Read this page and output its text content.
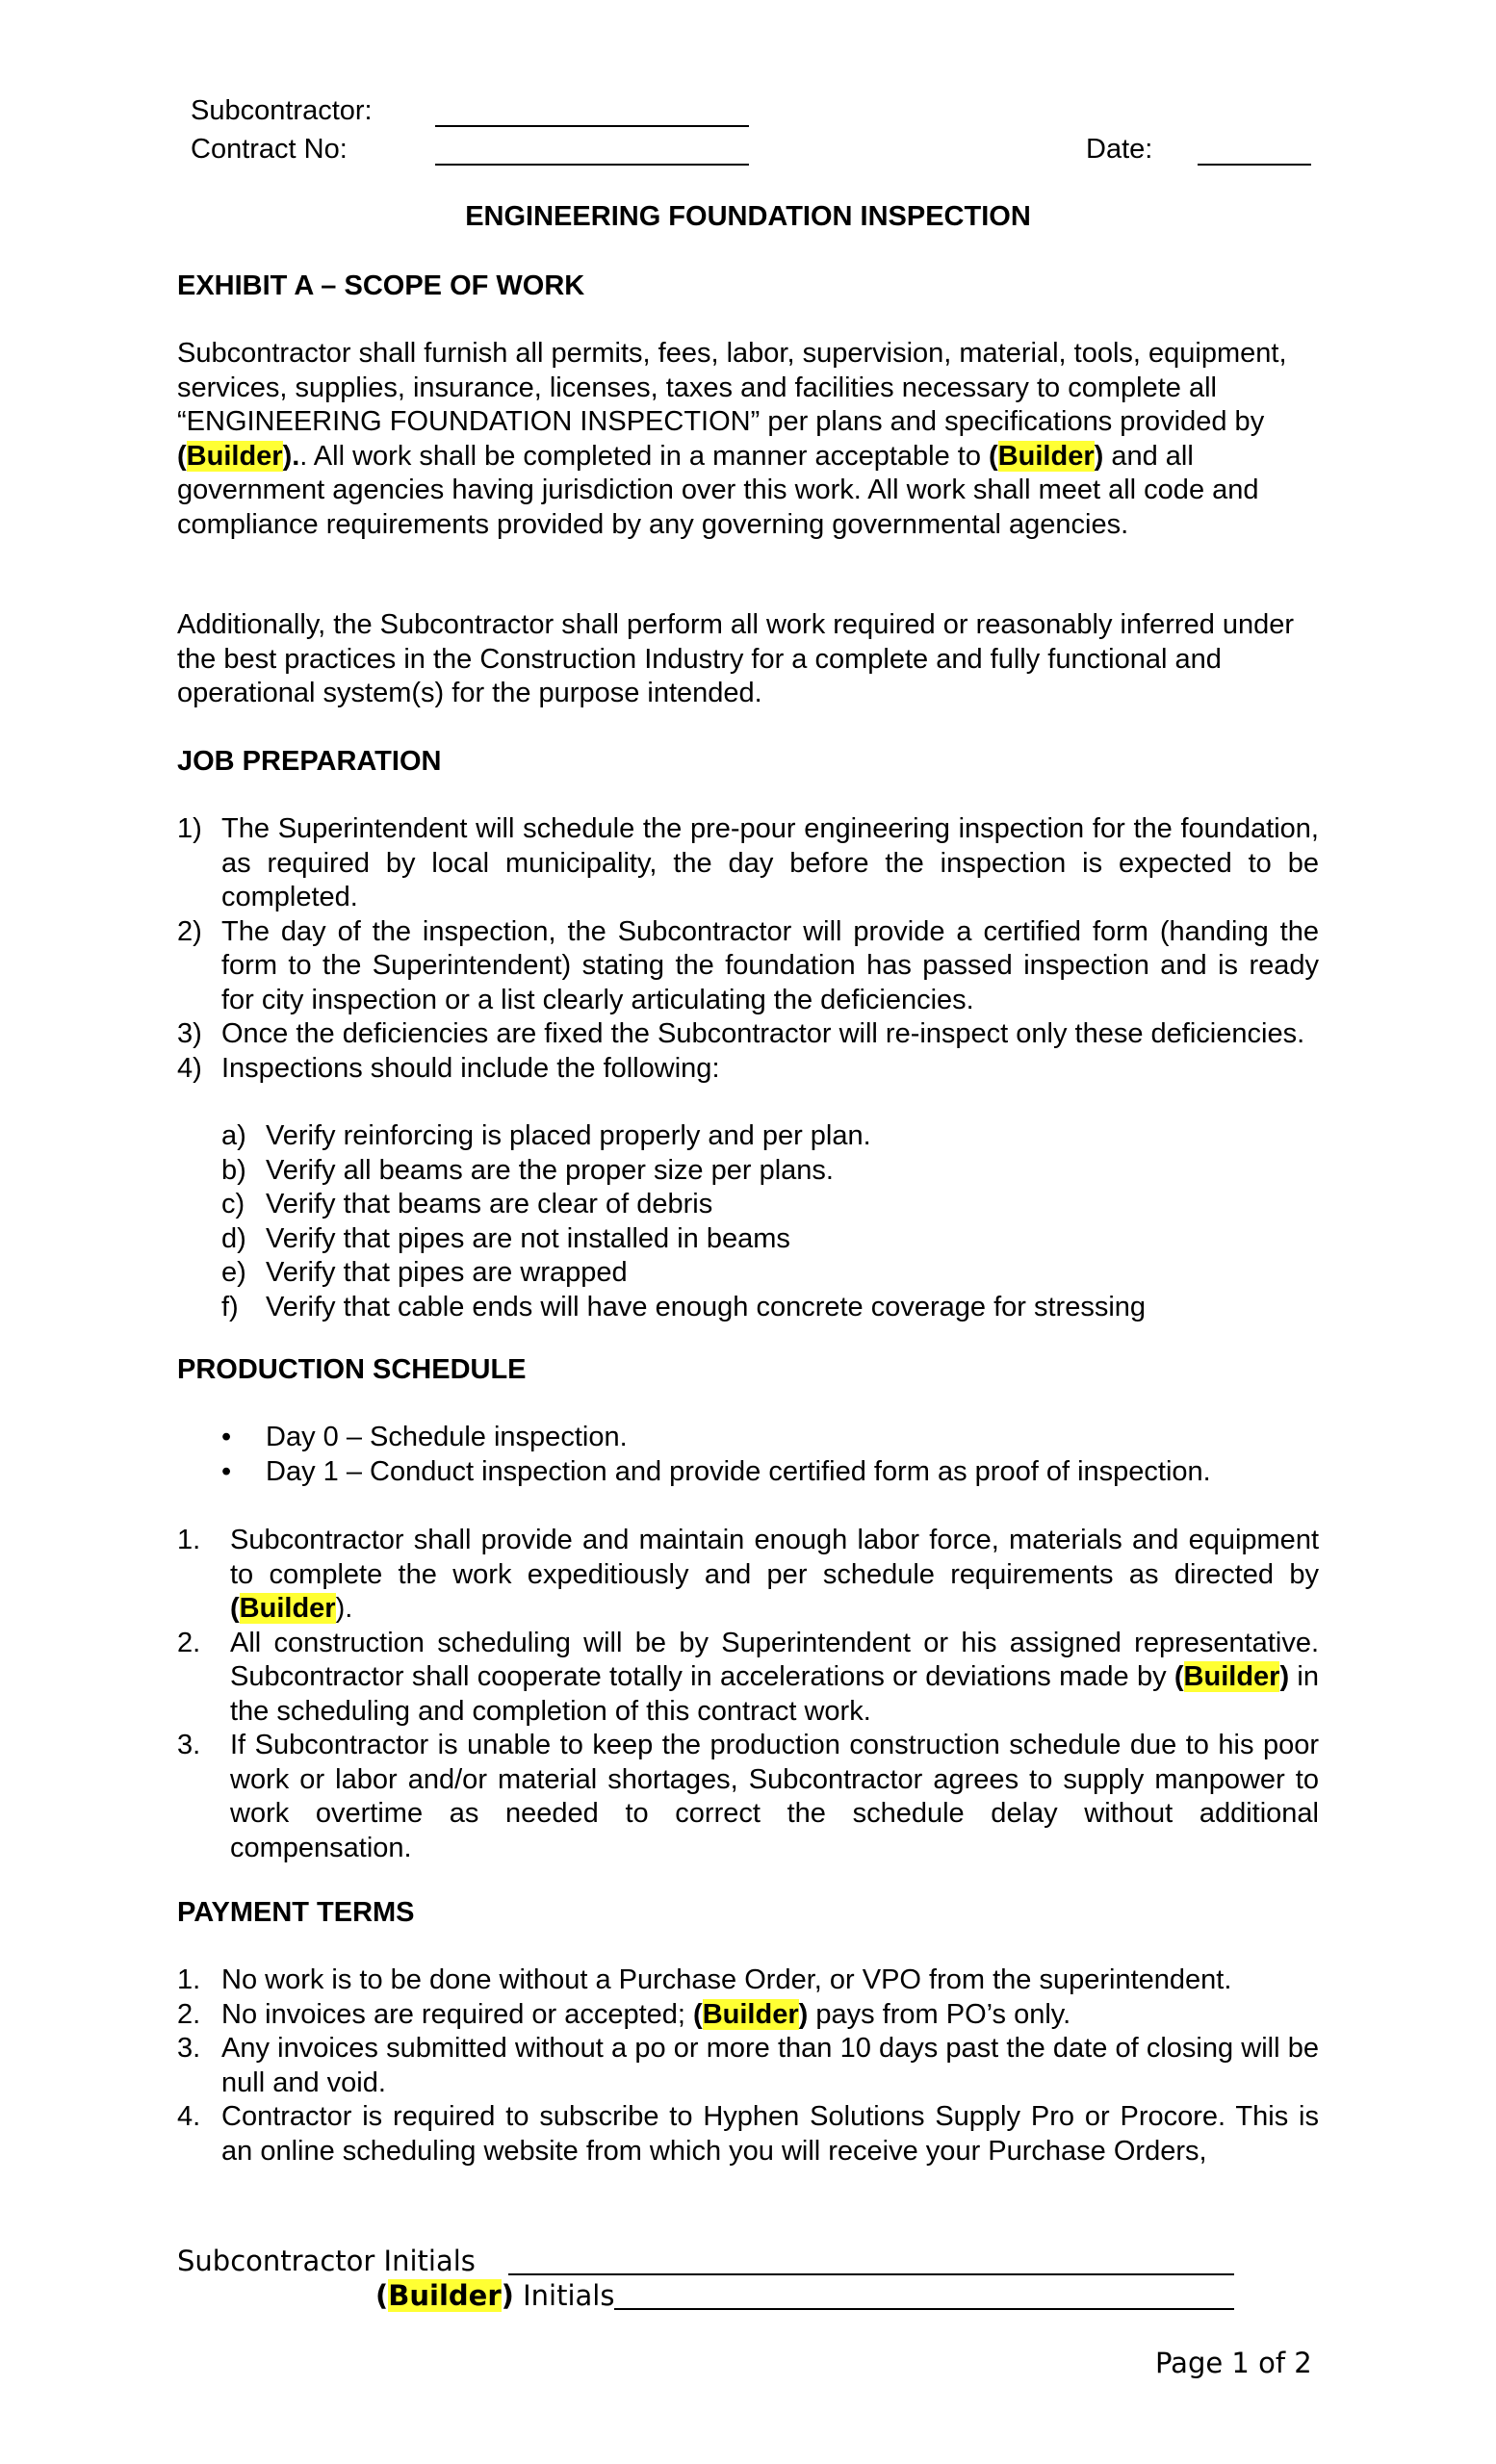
Subcontractor:
Contract No:	Date:
ENGINEERING FOUNDATION INSPECTION
EXHIBIT A – SCOPE OF WORK
Subcontractor shall furnish all permits, fees, labor, supervision, material, tools, equipment, services, supplies, insurance, licenses, taxes and facilities necessary to complete all “ENGINEERING FOUNDATION INSPECTION” per plans and specifications provided by (Builder).. All work shall be completed in a manner acceptable to (Builder) and all government agencies having jurisdiction over this work. All work shall meet all code and compliance requirements provided by any governing governmental agencies.
Additionally, the Subcontractor shall perform all work required or reasonably inferred under the best practices in the Construction Industry for a complete and fully functional and operational system(s) for the purpose intended.
JOB PREPARATION
1) The Superintendent will schedule the pre-pour engineering inspection for the foundation, as required by local municipality, the day before the inspection is expected to be completed.
2) The day of the inspection, the Subcontractor will provide a certified form (handing the form to the Superintendent) stating the foundation has passed inspection and is ready for city inspection or a list clearly articulating the deficiencies.
3) Once the deficiencies are fixed the Subcontractor will re-inspect only these deficiencies.
4) Inspections should include the following:
a) Verify reinforcing is placed properly and per plan.
b) Verify all beams are the proper size per plans.
c) Verify that beams are clear of debris
d) Verify that pipes are not installed in beams
e) Verify that pipes are wrapped
f) Verify that cable ends will have enough concrete coverage for stressing
PRODUCTION SCHEDULE
• Day 0 – Schedule inspection.
• Day 1 – Conduct inspection and provide certified form as proof of inspection.
1. Subcontractor shall provide and maintain enough labor force, materials and equipment to complete the work expeditiously and per schedule requirements as directed by (Builder).
2. All construction scheduling will be by Superintendent or his assigned representative. Subcontractor shall cooperate totally in accelerations or deviations made by (Builder) in the scheduling and completion of this contract work.
3. If Subcontractor is unable to keep the production construction schedule due to his poor work or labor and/or material shortages, Subcontractor agrees to supply manpower to work overtime as needed to correct the schedule delay without additional compensation.
PAYMENT TERMS
1. No work is to be done without a Purchase Order, or VPO from the superintendent.
2. No invoices are required or accepted; (Builder) pays from PO’s only.
3. Any invoices submitted without a po or more than 10 days past the date of closing will be null and void.
4. Contractor is required to subscribe to Hyphen Solutions Supply Pro or Procore. This is an online scheduling website from which you will receive your Purchase Orders,
Subcontractor Initials
(Builder) Initials
Page 1 of 2
